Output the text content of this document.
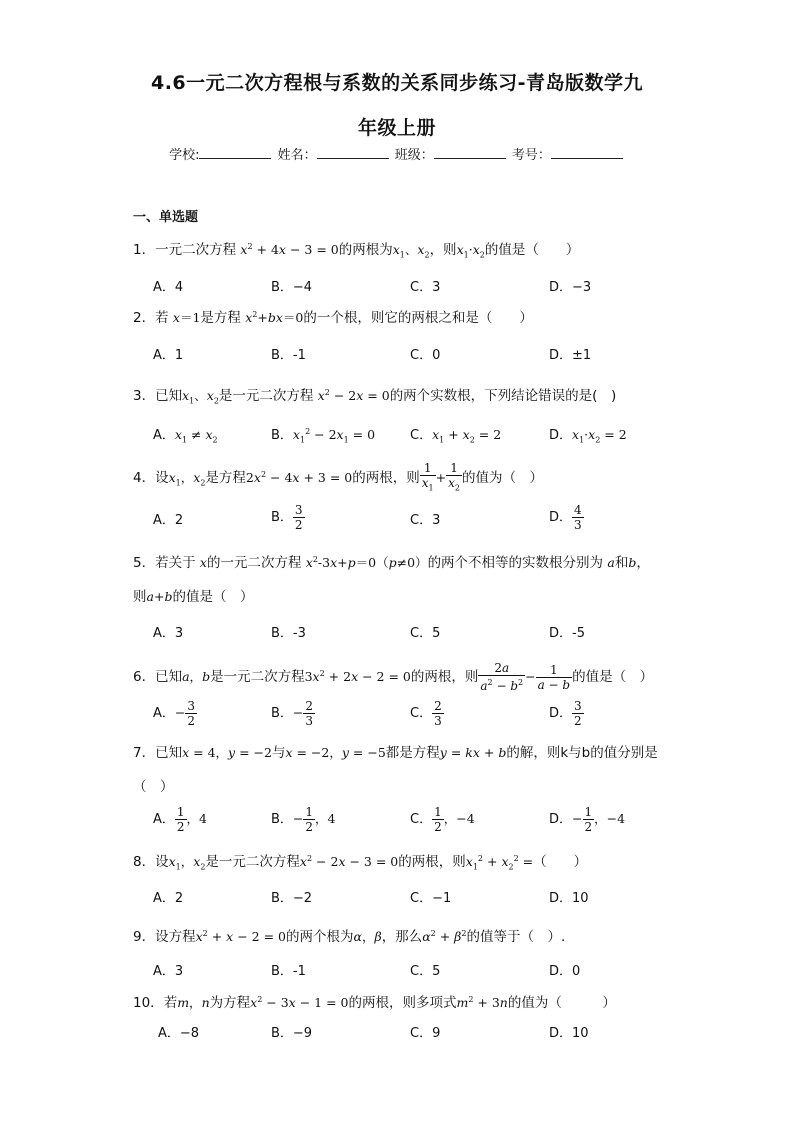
4.6一元二次方程根与系数的关系同步练习-青岛版数学九
年级上册
学校:	姓名：	班级：	考号：
一、单选题
1．一元二次方程 $x^2 + 4x - 3 = 0$的两根为$x_1$、$x_2$，则$x_1\cdot x_2$的值是（　　）
A．4	B．−4	C．3	D．−3
2．若 x＝1是方程 $x^2+bx=0$的一个根，则它的两根之和是（　　）
A．1	B．-1	C．0	D．±1
3．已知$x_1$、$x_2$是一元二次方程 $x^2 - 2x = 0$的两个实数根，下列结论错误的是(　)
A．$x_1 \ne x_2$	B．$x_1^2 - 2x_1 = 0$	C．$x_1 + x_2 = 2$	D．$x_1\cdot x_2 = 2$
4．设$x_1$，$x_2$是方程$2x^2 - 4x + 3 = 0$的两根，则 $\frac{1}{x_1} + \frac{1}{x_2}$ 的值为（　）
A．2	B． $\frac{3}{2}$	C．3	D． $\frac{4}{3}$
5．若关于 x的一元二次方程 $x^2-3x+p=0(p\ne 0)$的两个不相等的实数根分别为 a和b，
则a+b的值是（　）
A．3	B．-3	C．5	D．-5
6．已知a，b是一元二次方程$3x^2 + 2x - 2 = 0$的两根，则 $\frac{2a}{a^2 - b^2} - \frac{1}{a - b}$ 的值是（　）
A．− $\frac{3}{2}$	B．− $\frac{2}{3}$	C． $\frac{2}{3}$	D． $\frac{3}{2}$
7．已知x = 4，y = −2与x = −2，y = −5都是方程y = kx + b的解，则k与b的值分别是
（　）
A． $\frac{1}{2}$ ，4	B．− $\frac{1}{2}$ ，4	C． $\frac{1}{2}$ ，−4	D．− $\frac{1}{2}$ ，−4
8．设$x_1$，$x_2$是一元二次方程$x^2 - 2x - 3 = 0$的两根，则$x_1^2 + x_2^2$ =（　　）
A．2	B．−2	C．−1	D．10
9．设方程$x^2 + x - 2 = 0$的两个根为α，β，那么$\alpha^2 + \beta^2$的值等于（　）.
A．3	B．-1	C．5	D．0
10．若m，n为方程$x^2 - 3x - 1 = 0$的两根，则多项式$m^2 + 3n$的值为（　　　）
A．−8	B．−9	C．9	D．10
